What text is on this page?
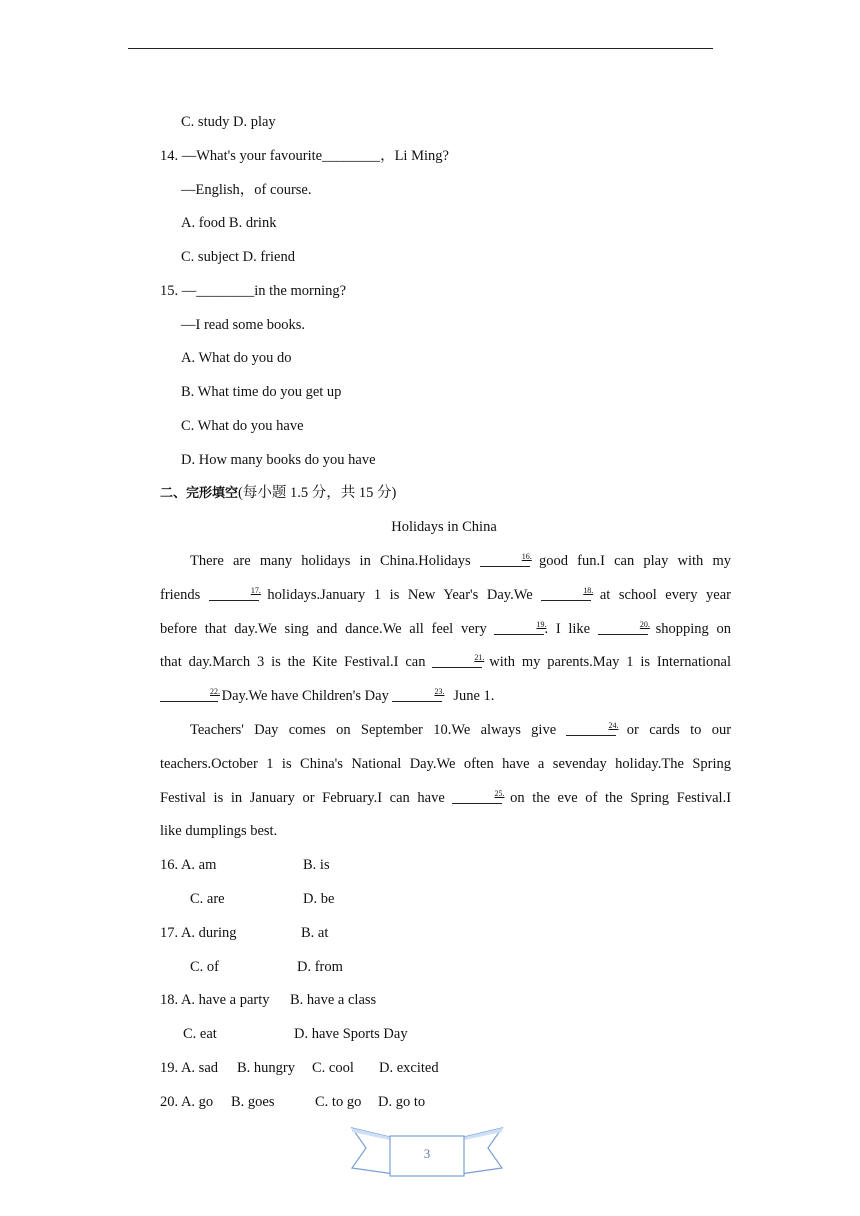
C. study D. play
14. —What's your favourite________，Li Ming?
—English，of course.
A. food B. drink
C. subject D. friend
15. —________in the morning?
—I read some books.
A. What do you do
B. What time do you get up
C. What do you have
D. How many books do you have
二、完形填空(每小题 1.5 分，共 15 分)
Holidays in China
There are many holidays in China.Holidays	16. good fun.I can play with my
friends	17. holidays.January 1 is New Year's Day.We	18. at school every year
before that day.We sing and dance.We all feel very	19.
. I like	20. shopping on
that day.March 3 is the Kite Festival.I can	21. with my parents.May 1 is International
22. Day.We have Children's Day	23. June 1.
Teachers' Day comes on September 10.We always give	24. or cards to our
teachers.October 1 is China's National Day.We often have a sevenday holiday.The Spring
Festival is in January or February.I can have	25. on the eve of the Spring Festival.I
like dumplings best.
16. A. am	B. is
C. are	D. be
17. A. during	B. at
C. of	D. from
18. A. have a party B. have a class
C. eat	D. have Sports Day
19. A. sad B. hungry C. cool D. excited
20. A. go B. goes	C. to go D. go to
3
